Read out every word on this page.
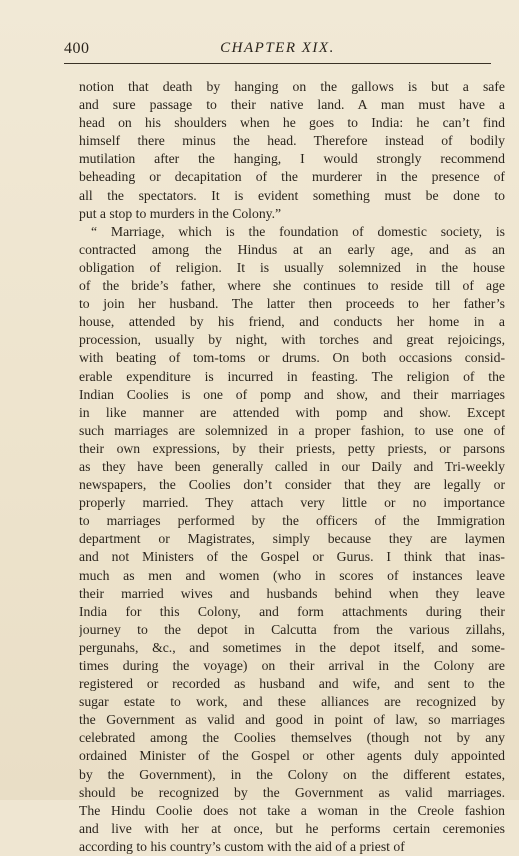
400	CHAPTER XIX.
notion that death by hanging on the gallows is but a safe
and sure passage to their native land. A man must have a
head on his shoulders when he goes to India: he can’t find
himself there minus the head. Therefore instead of bodily
mutilation after the hanging, I would strongly recommend
beheading or decapitation of the murderer in the presence of
all the spectators. It is evident something must be done to
put a stop to murders in the Colony.”
“ Marriage, which is the foundation of domestic society, is
contracted among the Hindus at an early age, and as an
obligation of religion. It is usually solemnized in the house
of the bride’s father, where she continues to reside till of age
to join her husband. The latter then proceeds to her father’s
house, attended by his friend, and conducts her home in a
procession, usually by night, with torches and great rejoicings,
with beating of tom-toms or drums. On both occasions consid-
erable expenditure is incurred in feasting. The religion of the
Indian Coolies is one of pomp and show, and their marriages
in like manner are attended with pomp and show. Except
such marriages are solemnized in a proper fashion, to use one of
their own expressions, by their priests, petty priests, or parsons
as they have been generally called in our Daily and Tri-weekly
newspapers, the Coolies don’t consider that they are legally or
properly married. They attach very little or no importance
to marriages performed by the officers of the Immigration
department or Magistrates, simply because they are laymen
and not Ministers of the Gospel or Gurus. I think that inas-
much as men and women (who in scores of instances leave
their married wives and husbands behind when they leave
India for this Colony, and form attachments during their
journey to the depot in Calcutta from the various zillahs,
pergunahs, &c., and sometimes in the depot itself, and some-
times during the voyage) on their arrival in the Colony are
registered or recorded as husband and wife, and sent to the
sugar estate to work, and these alliances are recognized by
the Government as valid and good in point of law, so marriages
celebrated among the Coolies themselves (though not by any
ordained Minister of the Gospel or other agents duly appointed
by the Government), in the Colony on the different estates,
should be recognized by the Government as valid marriages.
The Hindu Coolie does not take a woman in the Creole fashion
and live with her at once, but he performs certain ceremonies
according to his country’s custom with the aid of a priest of
